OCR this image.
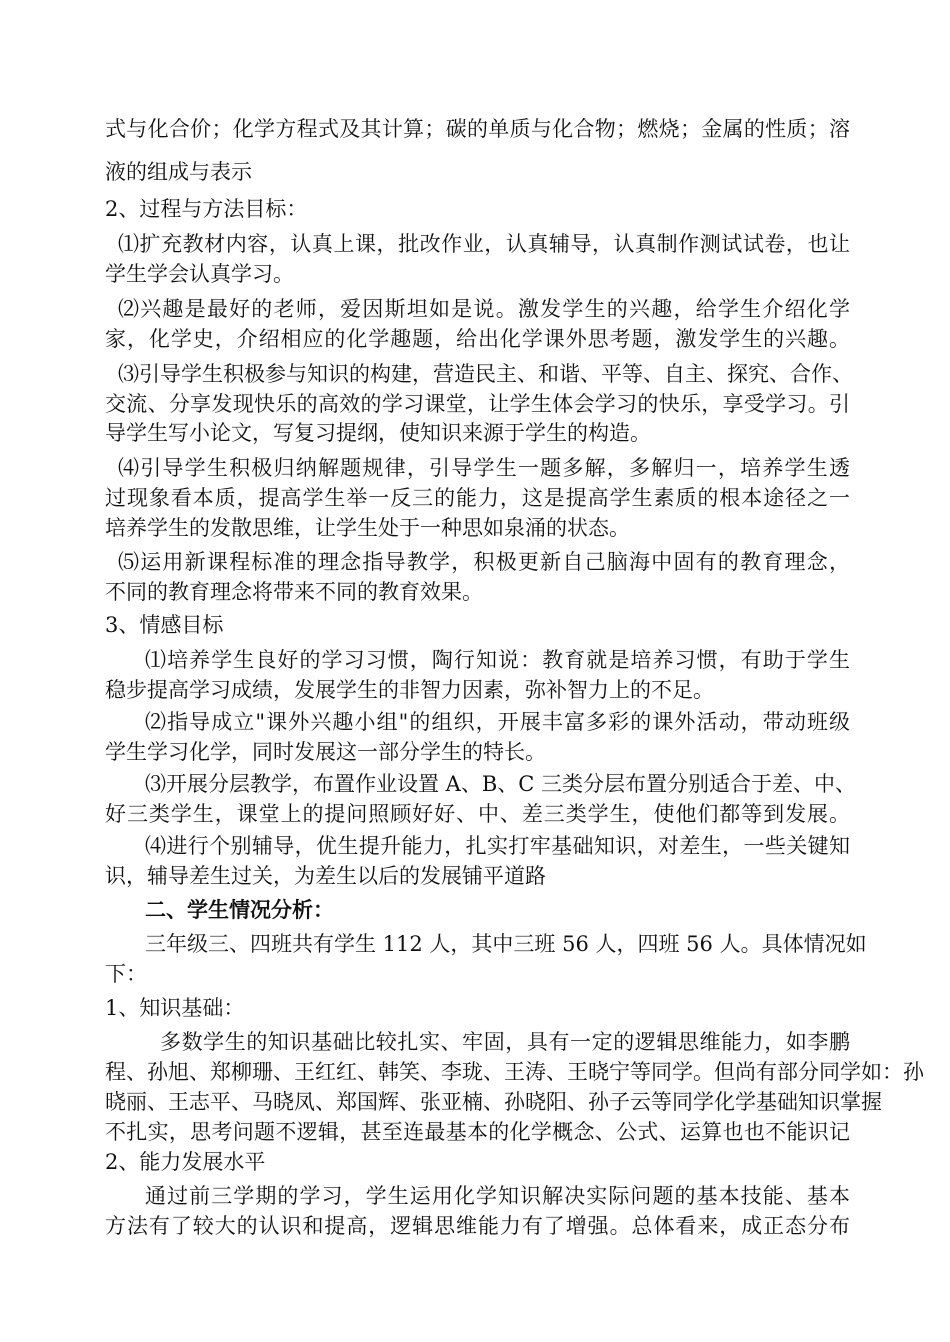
式与化合价；化学方程式及其计算；碳的单质与化合物；燃烧；金属的性质；溶
液的组成与表示
2、过程与方法目标：
⑴扩充教材内容，认真上课，批改作业，认真辅导，认真制作测试试卷，也让
学生学会认真学习。
⑵兴趣是最好的老师，爱因斯坦如是说。激发学生的兴趣，给学生介绍化学
家，化学史，介绍相应的化学趣题，给出化学课外思考题，激发学生的兴趣。
⑶引导学生积极参与知识的构建，营造民主、和谐、平等、自主、探究、合作、
交流、分享发现快乐的高效的学习课堂，让学生体会学习的快乐，享受学习。引
导学生写小论文，写复习提纲，使知识来源于学生的构造。
⑷引导学生积极归纳解题规律，引导学生一题多解，多解归一，培养学生透
过现象看本质，提高学生举一反三的能力，这是提高学生素质的根本途径之一
培养学生的发散思维，让学生处于一种思如泉涌的状态。
⑸运用新课程标准的理念指导教学，积极更新自己脑海中固有的教育理念，
不同的教育理念将带来不同的教育效果。
3、情感目标
⑴培养学生良好的学习习惯，陶行知说：教育就是培养习惯，有助于学生
稳步提高学习成绩，发展学生的非智力因素，弥补智力上的不足。
⑵指导成立"课外兴趣小组"的组织，开展丰富多彩的课外活动，带动班级
学生学习化学，同时发展这一部分学生的特长。
⑶开展分层教学，布置作业设置 A、B、C 三类分层布置分别适合于差、中、
好三类学生，课堂上的提问照顾好好、中、差三类学生，使他们都等到发展。
⑷进行个别辅导，优生提升能力，扎实打牢基础知识，对差生，一些关键知
识，辅导差生过关，为差生以后的发展铺平道路
二、学生情况分析：
三年级三、四班共有学生 112 人，其中三班 56 人，四班 56 人。具体情况如
下：
1、知识基础：
多数学生的知识基础比较扎实、牢固，具有一定的逻辑思维能力，如李鹏
程、孙旭、郑柳珊、王红红、韩笑、李珑、王涛、王晓宁等同学。但尚有部分同学如：孙
晓丽、王志平、马晓凤、郑国辉、张亚楠、孙晓阳、孙子云等同学化学基础知识掌握
不扎实，思考问题不逻辑，甚至连最基本的化学概念、公式、运算也也不能识记
2、能力发展水平
通过前三学期的学习，学生运用化学知识解决实际问题的基本技能、基本
方法有了较大的认识和提高，逻辑思维能力有了增强。总体看来，成正态分布
